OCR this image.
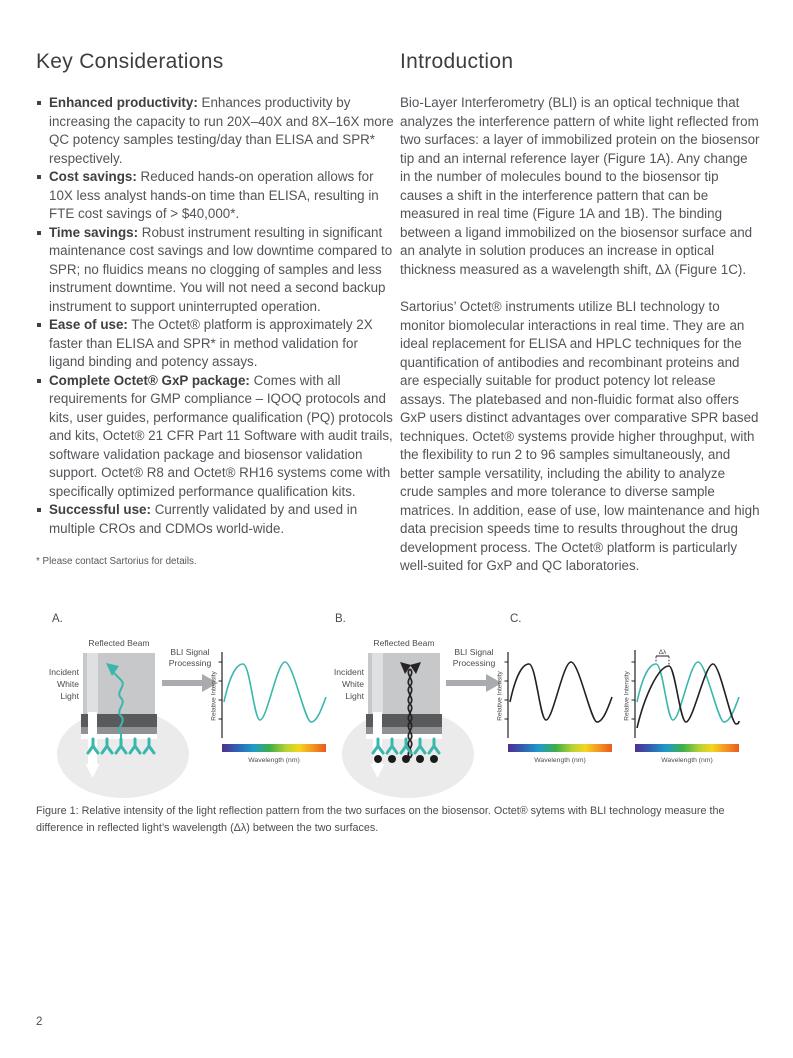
Key Considerations
Enhanced productivity: Enhances productivity by increasing the capacity to run 20X–40X and 8X–16X more QC potency samples testing/day than ELISA and SPR* respectively.
Cost savings: Reduced hands-on operation allows for 10X less analyst hands-on time than ELISA, resulting in FTE cost savings of > $40,000*.
Time savings: Robust instrument resulting in significant maintenance cost savings and low downtime compared to SPR; no fluidics means no clogging of samples and less instrument downtime. You will not need a second backup instrument to support uninterrupted operation.
Ease of use: The Octet® platform is approximately 2X faster than ELISA and SPR* in method validation for ligand binding and potency assays.
Complete Octet® GxP package: Comes with all requirements for GMP compliance – IQOQ protocols and kits, user guides, performance qualification (PQ) protocols and kits, Octet® 21 CFR Part 11 Software with audit trails, software validation package and biosensor validation support. Octet® R8 and Octet® RH16 systems come with specifically optimized performance qualification kits.
Successful use: Currently validated by and used in multiple CROs and CDMOs world-wide.
* Please contact Sartorius for details.
Introduction

Bio-Layer Interferometry (BLI) is an optical technique that analyzes the interference pattern of white light reflected from two surfaces: a layer of immobilized protein on the biosensor tip and an internal reference layer (Figure 1A). Any change in the number of molecules bound to the biosensor tip causes a shift in the interference pattern that can be measured in real time (Figure 1A and 1B). The binding between a ligand immobilized on the biosensor surface and an analyte in solution produces an increase in optical thickness measured as a wavelength shift, Δλ (Figure 1C).

Sartorius’ Octet® instruments utilize BLI technology to monitor biomolecular interactions in real time. They are an ideal replacement for ELISA and HPLC techniques for the quantification of antibodies and recombinant proteins and are especially suitable for product potency lot release assays. The platebased and non-fluidic format also offers GxP users distinct advantages over comparative SPR based techniques. Octet® systems provide higher throughput, with the flexibility to run 2 to 96 samples simultaneously, and better sample versatility, including the ability to analyze crude samples and more tolerance to diverse sample matrices. In addition, ease of use, low maintenance and high data precision speeds time to results throughout the drug development process. The Octet® platform is particularly well-suited for GxP and QC laboratories.

A.	B.	C.
Reflected Beam
Incident
White
Light
BLI Signal
Processing
Wavelength (nm)
Relative Intensity
Reflected Beam
Incident
White
Light
BLI Signal
Processing
Wavelength (nm)
Relative Intensity
Δλ
Wavelength (nm)
Relative Intensity
Figure 1: Relative intensity of the light reflection pattern from the two surfaces on the biosensor. Octet® sytems with BLI technology measure the difference in reflected light’s wavelength (Δλ) between the two surfaces.
2
